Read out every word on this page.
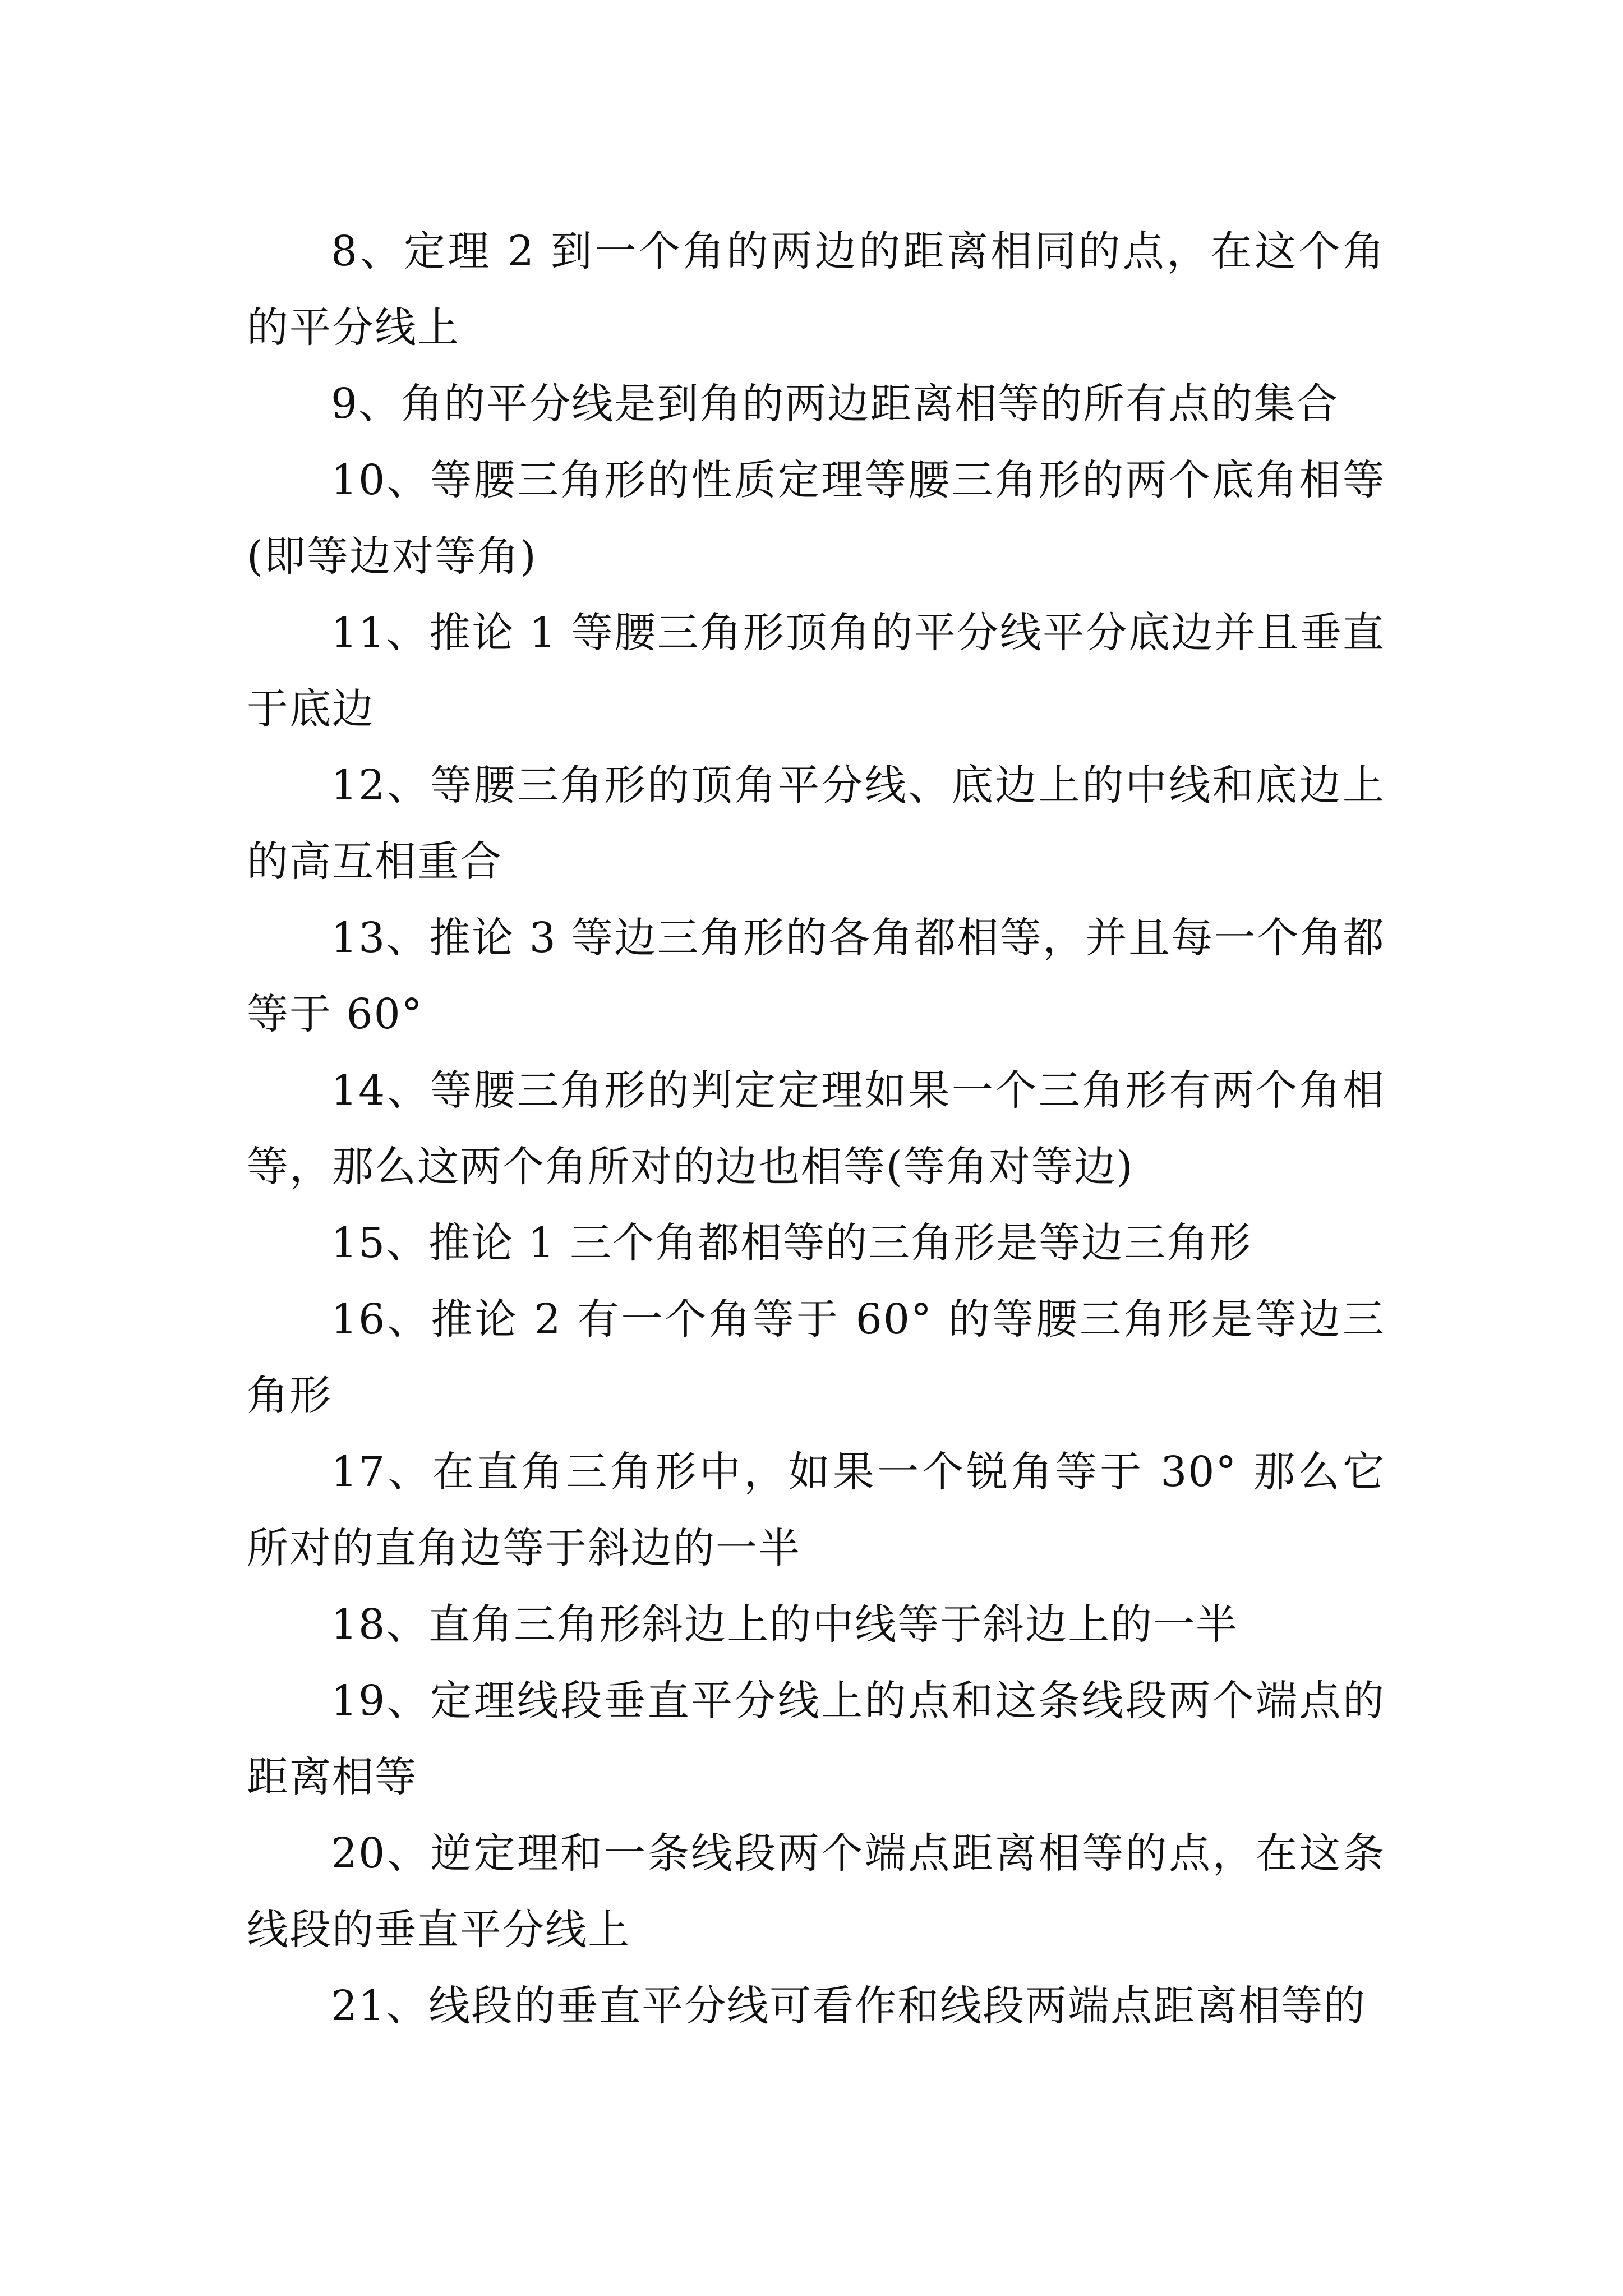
8、定理 2 到一个角的两边的距离相同的点，在这个角的平分线上

9、角的平分线是到角的两边距离相等的所有点的集合

10、等腰三角形的性质定理等腰三角形的两个底角相等(即等边对等角)

11、推论 1 等腰三角形顶角的平分线平分底边并且垂直于底边

12、等腰三角形的顶角平分线、底边上的中线和底边上的高互相重合

13、推论 3 等边三角形的各角都相等，并且每一个角都等于 60°

14、等腰三角形的判定定理如果一个三角形有两个角相等，那么这两个角所对的边也相等(等角对等边)

15、推论 1 三个角都相等的三角形是等边三角形

16、推论 2 有一个角等于 60° 的等腰三角形是等边三角形

17、在直角三角形中，如果一个锐角等于 30° 那么它所对的直角边等于斜边的一半

18、直角三角形斜边上的中线等于斜边上的一半

19、定理线段垂直平分线上的点和这条线段两个端点的距离相等

20、逆定理和一条线段两个端点距离相等的点，在这条线段的垂直平分线上

21、线段的垂直平分线可看作和线段两端点距离相等的
